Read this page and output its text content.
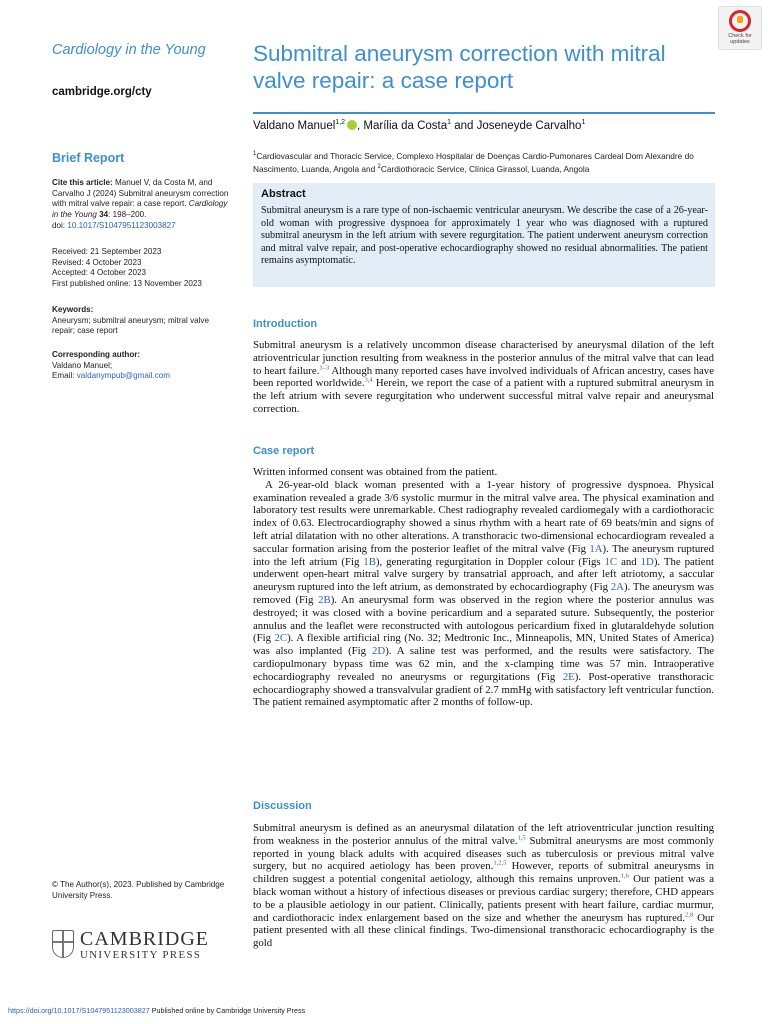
Cardiology in the Young
cambridge.org/cty
Check for
updates
Submitral aneurysm correction with mitral valve repair: a case report
Valdano Manuel$^{1,2}$ , Marília da Costa$^1$ and Joseneyde Carvalho$^1$
$^1$Cardiovascular and Thoracic Service, Complexo Hospitalar de Doenças Cardio-Pumonares Cardeal Dom Alexandre do Nascimento, Luanda, Angola and $^2$Cardiothoracic Service, Clínica Girassol, Luanda, Angola
Abstract
Submitral aneurysm is a rare type of non-ischaemic ventricular aneurysm. We describe the case of a 26-year-old woman with progressive dyspnoea for approximately 1 year who was diagnosed with a ruptured submitral aneurysm in the left atrium with severe regurgitation. The patient underwent aneurysm correction and mitral valve repair, and post-operative echocardiography showed no residual abnormalities. The patient remains asymptomatic.
Brief Report
Cite this article: Manuel V, da Costa M, and Carvalho J (2024) Submitral aneurysm correction with mitral valve repair: a case report. Cardiology in the Young 34: 198–200.
doi: 10.1017/S1047951123003827
Received: 21 September 2023
Revised: 4 October 2023
Accepted: 4 October 2023
First published online: 13 November 2023
Keywords:
Aneurysm; submitral aneurysm; mitral valve repair; case report
Corresponding author:
Valdano Manuel;
Email: valdanympub@gmail.com
© The Author(s), 2023. Published by Cambridge University Press.
CAMBRIDGE
UNIVERSITY PRESS
Introduction
Submitral aneurysm is a relatively uncommon disease characterised by aneurysmal dilation of the left atrioventricular junction resulting from weakness in the posterior annulus of the mitral valve that can lead to heart failure.$^{1-3}$ Although many reported cases have involved individuals of African ancestry, cases have been reported worldwide.$^{3,4}$ Herein, we report the case of a patient with a ruptured submitral aneurysm in the left atrium with severe regurgitation who underwent successful mitral valve repair and aneurysmal correction.
Case report
Written informed consent was obtained from the patient.
A 26-year-old black woman presented with a 1-year history of progressive dyspnoea. Physical examination revealed a grade 3/6 systolic murmur in the mitral valve area. The physical examination and laboratory test results were unremarkable. Chest radiography revealed cardiomegaly with a cardiothoracic index of 0.63. Electrocardiography showed a sinus rhythm with a heart rate of 69 beats/min and signs of left atrial dilatation with no other alterations. A transthoracic two-dimensional echocardiogram revealed a saccular formation arising from the posterior leaflet of the mitral valve (Fig 1A). The aneurysm ruptured into the left atrium (Fig 1B), generating regurgitation in Doppler colour (Figs 1C and 1D). The patient underwent open-heart mitral valve surgery by transatrial approach, and after left atriotomy, a saccular aneurysm ruptured into the left atrium, as demonstrated by echocardiography (Fig 2A). The aneurysm was removed (Fig 2B). An aneurysmal form was observed in the region where the posterior annulus was destroyed; it was closed with a bovine pericardium and a separated suture. Subsequently, the posterior annulus and the leaflet were reconstructed with autologous pericardium fixed in glutaraldehyde solution (Fig 2C). A flexible artificial ring (No. 32; Medtronic Inc., Minneapolis, MN, United States of America) was also implanted (Fig 2D). A saline test was performed, and the results were satisfactory. The cardiopulmonary bypass time was 62 min, and the x-clamping time was 57 min. Intraoperative echocardiography revealed no aneurysms or regurgitations (Fig 2E). Post-operative transthoracic echocardiography showed a transvalvular gradient of 2.7 mmHg with satisfactory left ventricular function. The patient remained asymptomatic after 2 months of follow-up.
Discussion
Submitral aneurysm is defined as an aneurysmal dilatation of the left atrioventricular junction resulting from weakness in the posterior annulus of the mitral valve.$^{1,5}$ Submitral aneurysms are most commonly reported in young black adults with acquired diseases such as tuberculosis or previous mitral valve surgery, but no acquired aetiology has been proven.$^{1,2,5}$ However, reports of submitral aneurysms in children suggest a potential congenital aetiology, although this remains unproven.$^{1,6}$ Our patient was a black woman without a history of infectious diseases or previous cardiac surgery; therefore, CHD appears to be a plausible aetiology in our patient. Clinically, patients present with heart failure, cardiac murmur, and cardiothoracic index enlargement based on the size and whether the aneurysm has ruptured.$^{2,8}$ Our patient presented with all these clinical findings. Two-dimensional transthoracic echocardiography is the gold
https://doi.org/10.1017/S1047951123003827 Published online by Cambridge University Press
